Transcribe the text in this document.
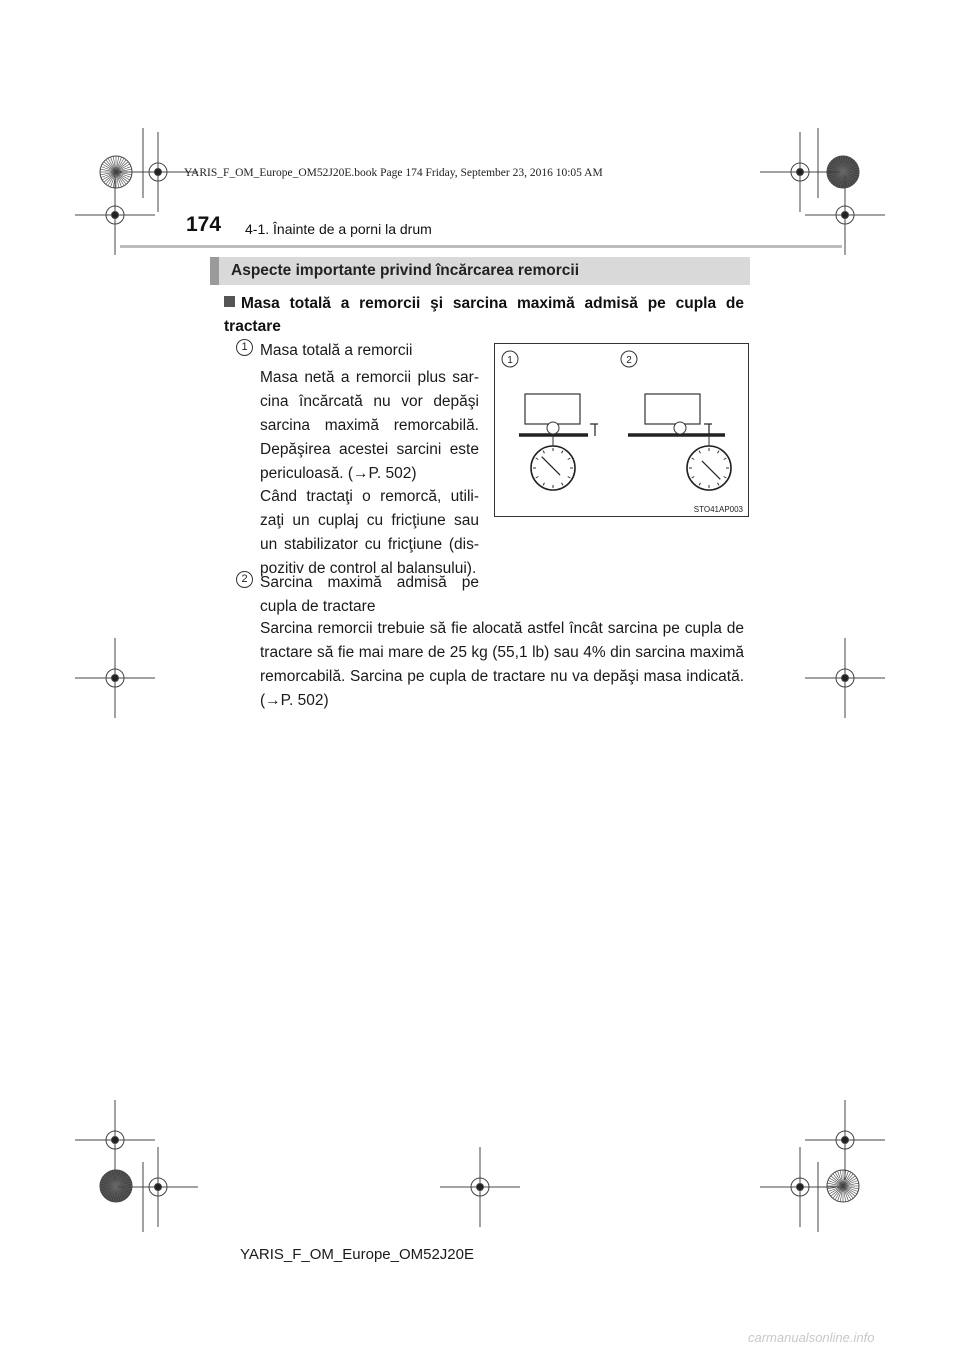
YARIS_F_OM_Europe_OM52J20E.book Page 174 Friday, September 23, 2016 10:05 AM
174 4-1. Înainte de a porni la drum
Aspecte importante privind încărcarea remorcii
Masa totală a remorcii şi sarcina maximă admisă pe cupla de tractare
1 Masa totală a remorcii
Masa netă a remorcii plus sar-cina încărcată nu vor depăşi sarcina maximă remorcabilă. Depăşirea acestei sarcini este periculoasă. (→P. 502)
Când tractaţi o remorcă, utili-zaţi un cuplaj cu fricţiune sau un stabilizator cu fricţiune (dis-pozitiv de control al balansului).
2 Sarcina maximă admisă pe cupla de tractare
Sarcina remorcii trebuie să fie alocată astfel încât sarcina pe cupla de tractare să fie mai mare de 25 kg (55,1 lb) sau 4% din sarcina maximă remorcabilă. Sarcina pe cupla de tractare nu va depăşi masa indicată. (→P. 502)
1	2
STO41AP003
YARIS_F_OM_Europe_OM52J20E
carmanualsonline.info
